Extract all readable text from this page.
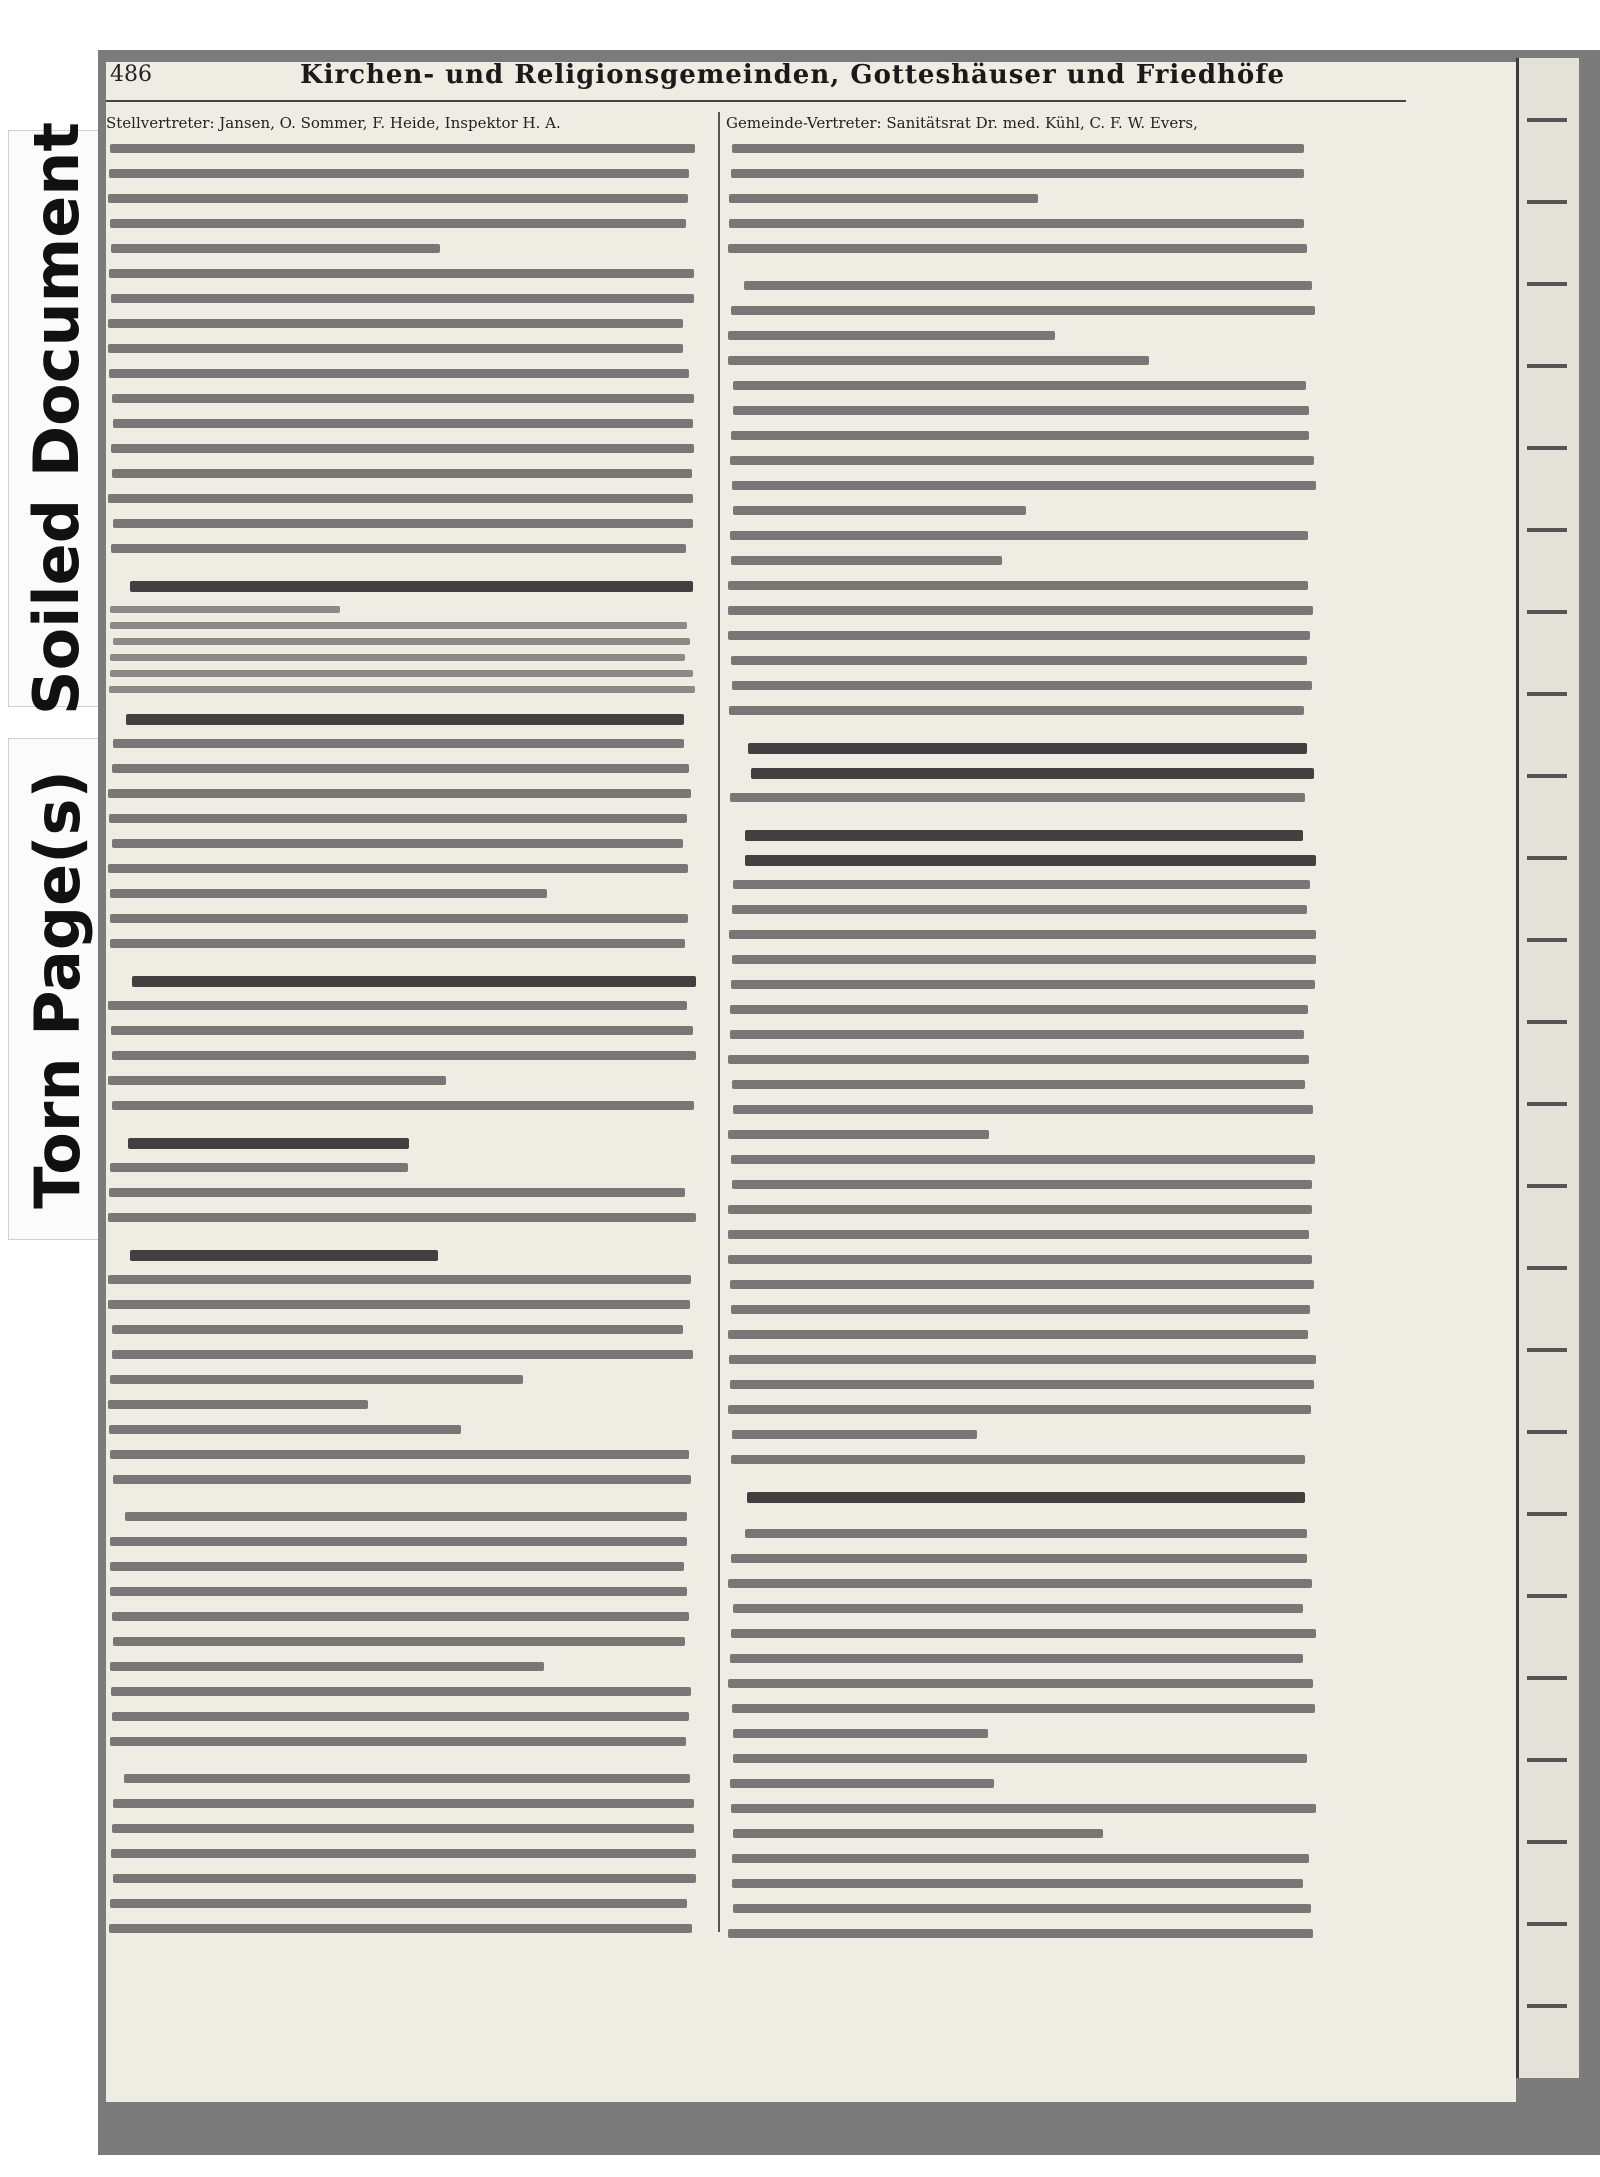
Soiled Document
Torn Page(s)
486	Kirchen- und Religionsgemeinden, Gotteshäuser und Friedhöfe
Stellvertreter: Jansen, O. Sommer, F. Heide, Inspektor H. A.	Gemeinde-Vertreter: Sanitätsrat Dr. med. Kühl, C. F. W. Evers,
